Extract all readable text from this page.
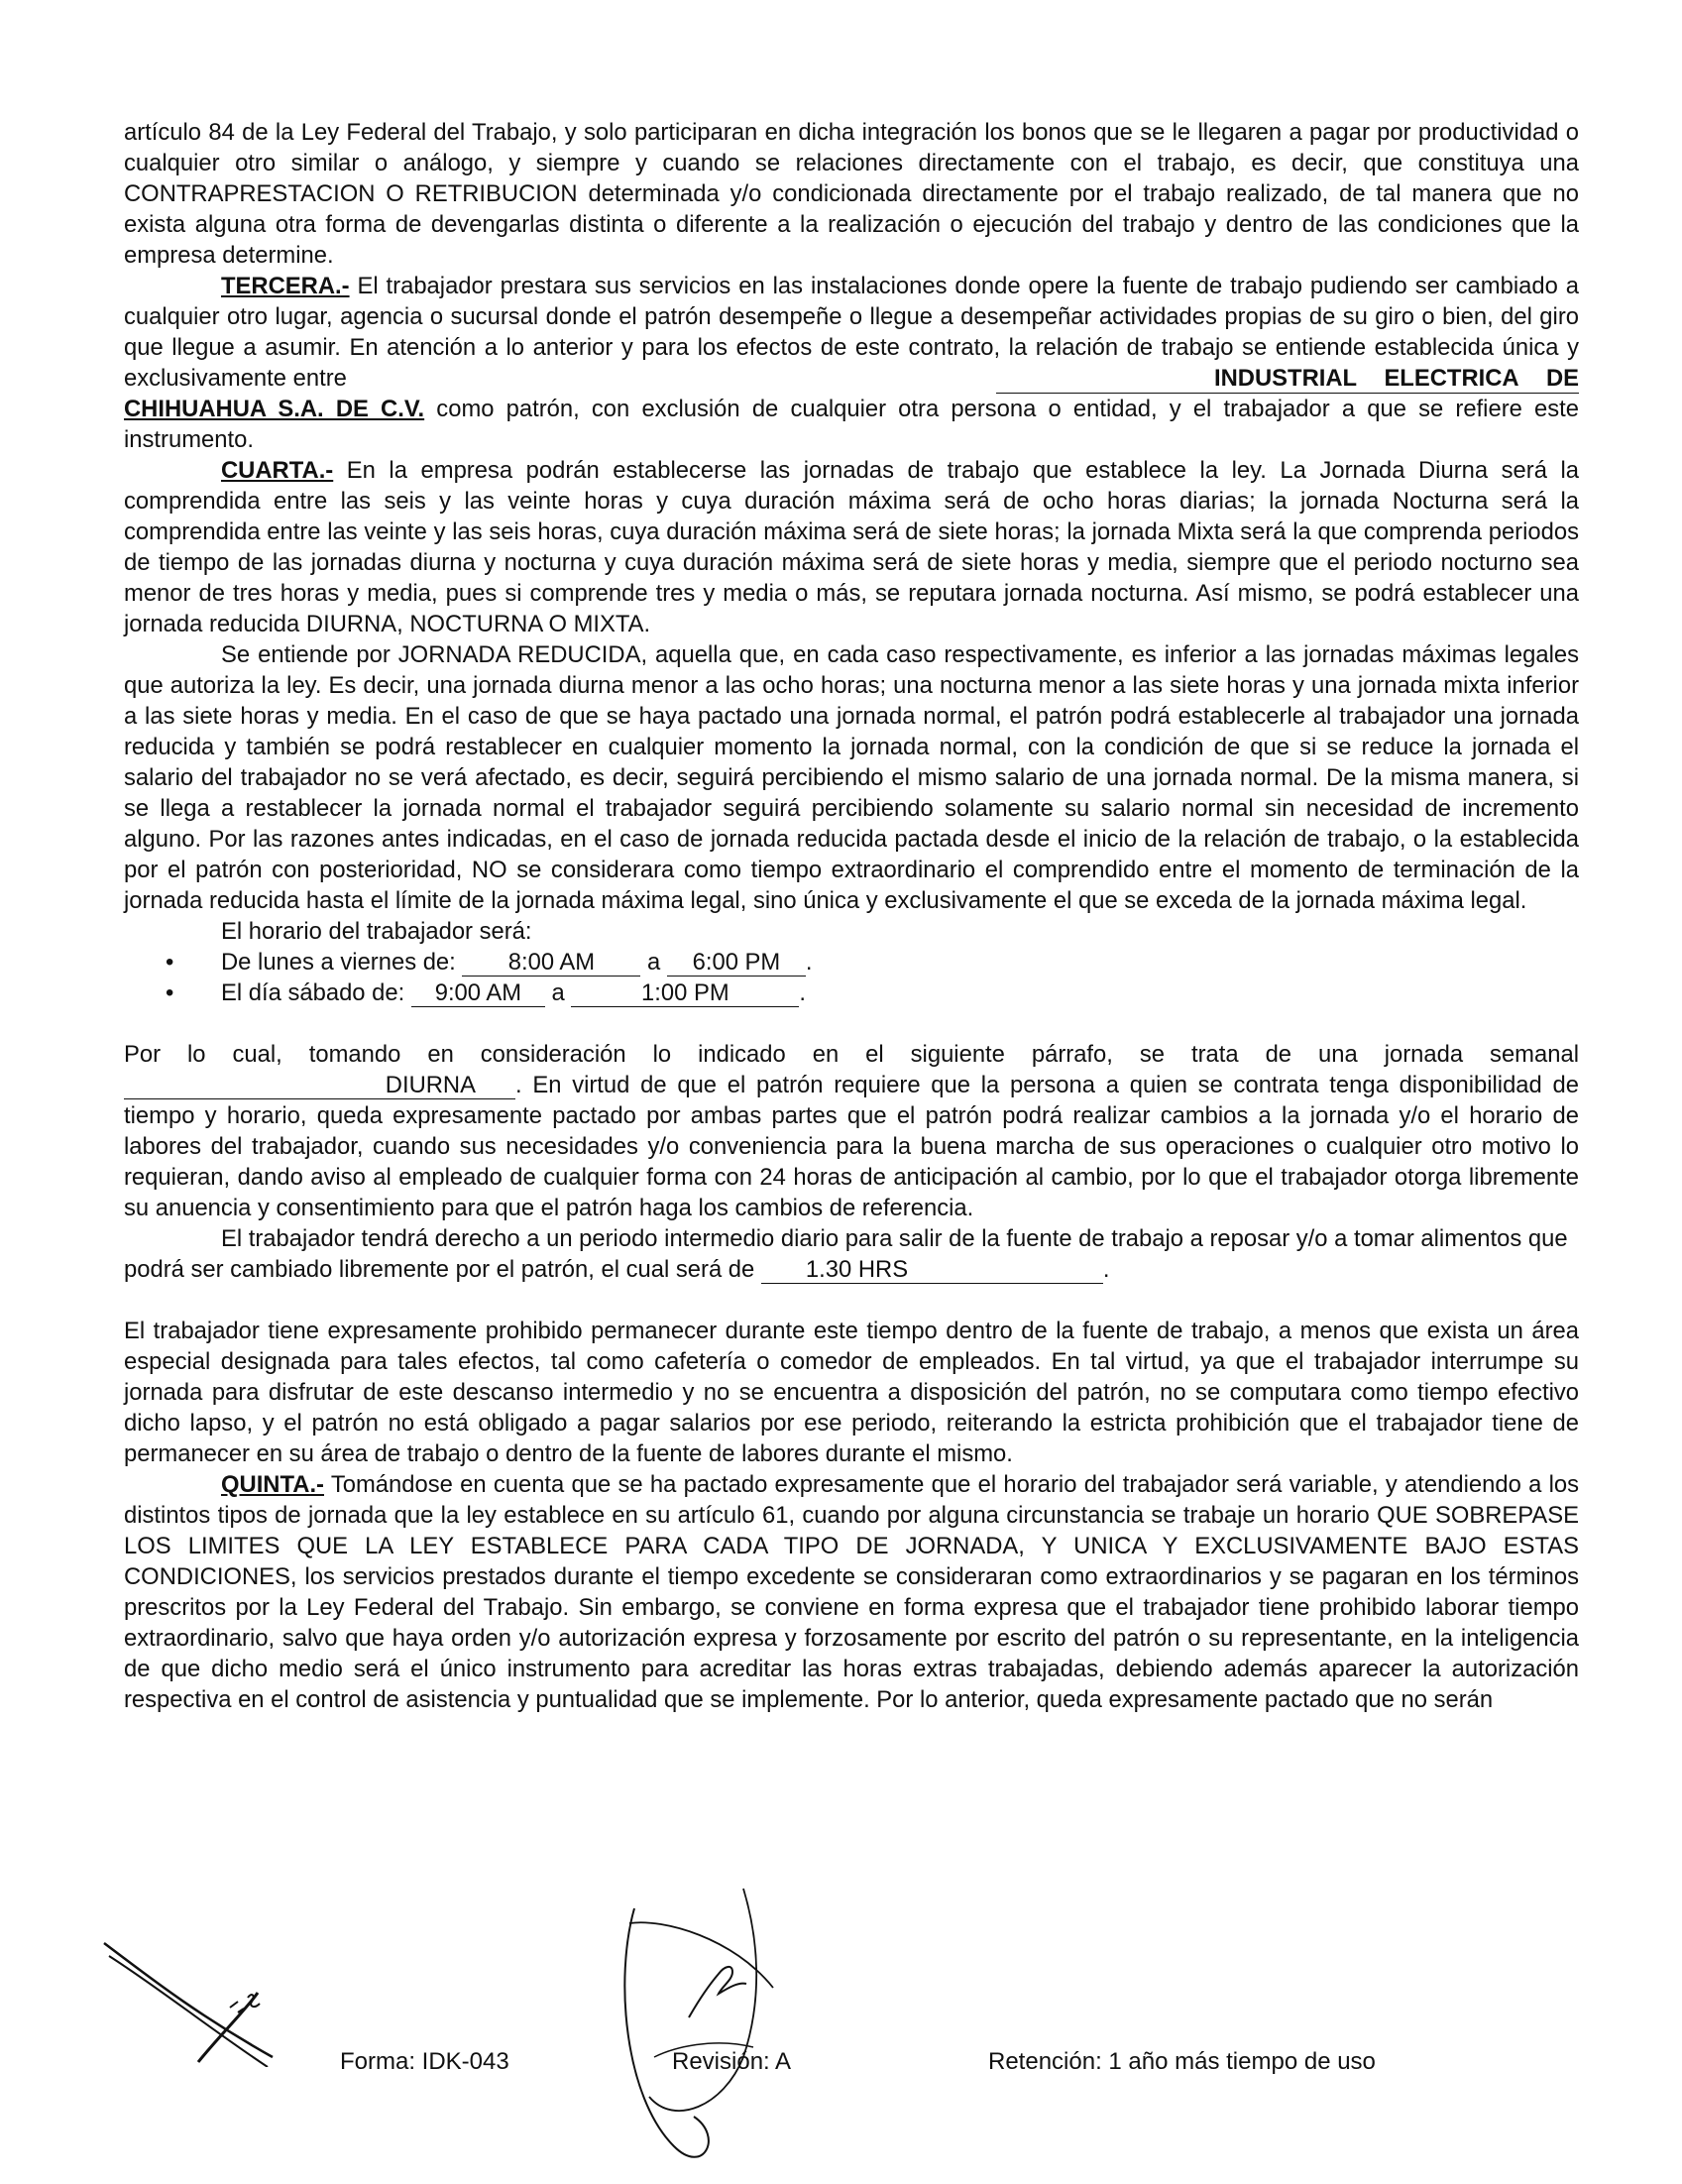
artículo 84 de la Ley Federal del Trabajo, y solo participaran en dicha integración los bonos que se le llegaren a pagar por productividad o cualquier otro similar o análogo, y siempre y cuando se relaciones directamente con el trabajo, es decir, que constituya una CONTRAPRESTACION O RETRIBUCION determinada y/o condicionada directamente por el trabajo realizado, de tal manera que no exista alguna otra forma de devengarlas distinta o diferente a la realización o ejecución del trabajo y dentro de las condiciones que la empresa determine.

TERCERA.- El trabajador prestara sus servicios en las instalaciones donde opere la fuente de trabajo pudiendo ser cambiado a cualquier otro lugar, agencia o sucursal donde el patrón desempeñe o llegue a desempeñar actividades propias de su giro o bien, del giro que llegue a asumir. En atención a lo anterior y para los efectos de este contrato, la relación de trabajo se entiende establecida única y exclusivamente entre	INDUSTRIAL ELECTRICA DE

CHIHUAHUA S.A. DE C.V. como patrón, con exclusión de cualquier otra persona o entidad, y el trabajador a que se refiere este instrumento.

CUARTA.- En la empresa podrán establecerse las jornadas de trabajo que establece la ley. La Jornada Diurna será la comprendida entre las seis y las veinte horas y cuya duración máxima será de ocho horas diarias; la jornada Nocturna será la comprendida entre las veinte y las seis horas, cuya duración máxima será de siete horas; la jornada Mixta será la que comprenda periodos de tiempo de las jornadas diurna y nocturna y cuya duración máxima será de siete horas y media, siempre que el periodo nocturno sea menor de tres horas y media, pues si comprende tres y media o más, se reputara jornada nocturna. Así mismo, se podrá establecer una jornada reducida DIURNA, NOCTURNA O MIXTA.

Se entiende por JORNADA REDUCIDA, aquella que, en cada caso respectivamente, es inferior a las jornadas máximas legales que autoriza la ley. Es decir, una jornada diurna menor a las ocho horas; una nocturna menor a las siete horas y una jornada mixta inferior a las siete horas y media. En el caso de que se haya pactado una jornada normal, el patrón podrá establecerle al trabajador una jornada reducida y también se podrá restablecer en cualquier momento la jornada normal, con la condición de que si se reduce la jornada el salario del trabajador no se verá afectado, es decir, seguirá percibiendo el mismo salario de una jornada normal. De la misma manera, si se llega a restablecer la jornada normal el trabajador seguirá percibiendo solamente su salario normal sin necesidad de incremento alguno. Por las razones antes indicadas, en el caso de jornada reducida pactada desde el inicio de la relación de trabajo, o la establecida por el patrón con posterioridad, NO se considerara como tiempo extraordinario el comprendido entre el momento de terminación de la jornada reducida hasta el límite de la jornada máxima legal, sino única y exclusivamente el que se exceda de la jornada máxima legal.

El horario del trabajador será:

• De lunes a viernes de: 8:00 AM a 6:00 PM .
• El día sábado de: 9:00 AM a	1:00 PM	.

Por lo cual, tomando en consideración lo indicado en el siguiente párrafo, se trata de una jornada semanal DIURNA . En virtud de que el patrón requiere que la persona a quien se contrata tenga disponibilidad de tiempo y horario, queda expresamente pactado por ambas partes que el patrón podrá realizar cambios a la jornada y/o el horario de labores del trabajador, cuando sus necesidades y/o conveniencia para la buena marcha de sus operaciones o cualquier otro motivo lo requieran, dando aviso al empleado de cualquier forma con 24 horas de anticipación al cambio, por lo que el trabajador otorga libremente su anuencia y consentimiento para que el patrón haga los cambios de referencia.

El trabajador tendrá derecho a un periodo intermedio diario para salir de la fuente de trabajo a reposar y/o a tomar alimentos que podrá ser cambiado libremente por el patrón, el cual será de 1.30 HRS	.

El trabajador tiene expresamente prohibido permanecer durante este tiempo dentro de la fuente de trabajo, a menos que exista un área especial designada para tales efectos, tal como cafetería o comedor de empleados. En tal virtud, ya que el trabajador interrumpe su jornada para disfrutar de este descanso intermedio y no se encuentra a disposición del patrón, no se computara como tiempo efectivo dicho lapso, y el patrón no está obligado a pagar salarios por ese periodo, reiterando la estricta prohibición que el trabajador tiene de permanecer en su área de trabajo o dentro de la fuente de labores durante el mismo.

QUINTA.- Tomándose en cuenta que se ha pactado expresamente que el horario del trabajador será variable, y atendiendo a los distintos tipos de jornada que la ley establece en su artículo 61, cuando por alguna circunstancia se trabaje un horario QUE SOBREPASE LOS LIMITES QUE LA LEY ESTABLECE PARA CADA TIPO DE JORNADA, Y UNICA Y EXCLUSIVAMENTE BAJO ESTAS CONDICIONES, los servicios prestados durante el tiempo excedente se consideraran como extraordinarios y se pagaran en los términos prescritos por la Ley Federal del Trabajo. Sin embargo, se conviene en forma expresa que el trabajador tiene prohibido laborar tiempo extraordinario, salvo que haya orden y/o autorización expresa y forzosamente por escrito del patrón o su representante, en la inteligencia de que dicho medio será el único instrumento para acreditar las horas extras trabajadas, debiendo además aparecer la autorización respectiva en el control de asistencia y puntualidad que se implemente. Por lo anterior, queda expresamente pactado que no serán

Forma: IDK-043	Revisión: A	Retención: 1 año más tiempo de uso
